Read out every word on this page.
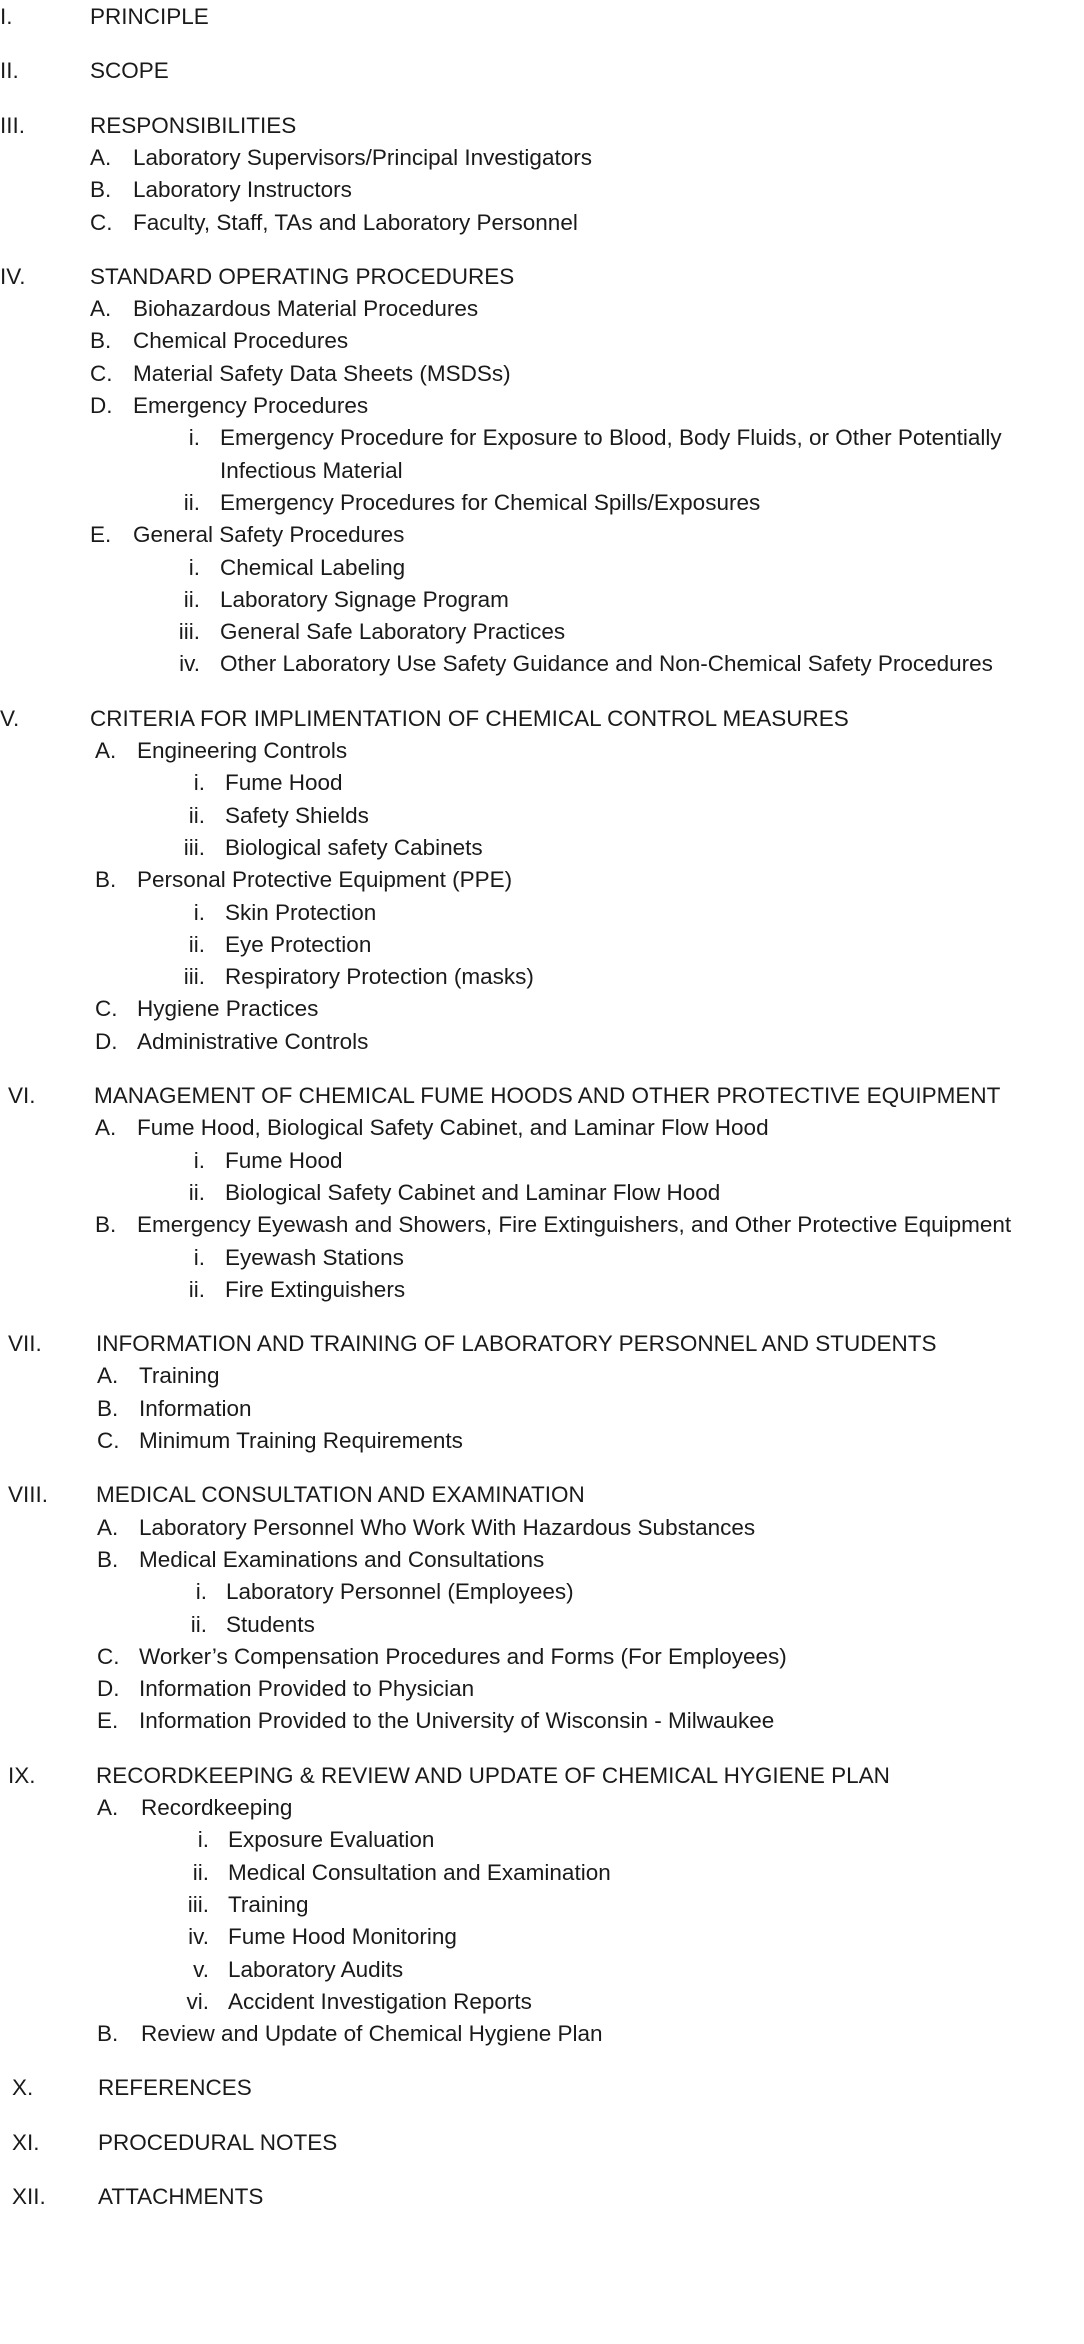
I.	PRINCIPLE
II.	SCOPE
III.	RESPONSIBILITIES
A. Laboratory Supervisors/Principal Investigators
B. Laboratory Instructors
C. Faculty, Staff, TAs and Laboratory Personnel
IV.	STANDARD OPERATING PROCEDURES
A. Biohazardous Material Procedures
B. Chemical Procedures
C. Material Safety Data Sheets (MSDSs)
D. Emergency Procedures
i. Emergency Procedure for Exposure to Blood, Body Fluids, or Other Potentially
Infectious Material
ii. Emergency Procedures for Chemical Spills/Exposures
E. General Safety Procedures
i. Chemical Labeling
ii. Laboratory Signage Program
iii. General Safe Laboratory Practices
iv. Other Laboratory Use Safety Guidance and Non-Chemical Safety Procedures
V.	CRITERIA FOR IMPLIMENTATION OF CHEMICAL CONTROL MEASURES
A. Engineering Controls
i. Fume Hood
ii. Safety Shields
iii. Biological safety Cabinets
B. Personal Protective Equipment (PPE)
i. Skin Protection
ii. Eye Protection
iii. Respiratory Protection (masks)
C. Hygiene Practices
D. Administrative Controls
VI.	MANAGEMENT OF CHEMICAL FUME HOODS AND OTHER PROTECTIVE EQUIPMENT
A. Fume Hood, Biological Safety Cabinet, and Laminar Flow Hood
i. Fume Hood
ii. Biological Safety Cabinet and Laminar Flow Hood
B. Emergency Eyewash and Showers, Fire Extinguishers, and Other Protective Equipment
i. Eyewash Stations
ii. Fire Extinguishers
VII. INFORMATION AND TRAINING OF LABORATORY PERSONNEL AND STUDENTS
A. Training
B. Information
C. Minimum Training Requirements
VIII. MEDICAL CONSULTATION AND EXAMINATION
A. Laboratory Personnel Who Work With Hazardous Substances
B. Medical Examinations and Consultations
i. Laboratory Personnel (Employees)
ii. Students
C. Worker’s Compensation Procedures and Forms (For Employees)
D. Information Provided to Physician
E. Information Provided to the University of Wisconsin - Milwaukee
IX.	RECORDKEEPING & REVIEW AND UPDATE OF CHEMICAL HYGIENE PLAN
A. Recordkeeping
i. Exposure Evaluation
ii. Medical Consultation and Examination
iii. Training
iv. Fume Hood Monitoring
v. Laboratory Audits
vi. Accident Investigation Reports
B. Review and Update of Chemical Hygiene Plan
X.	REFERENCES
XI.	PROCEDURAL NOTES
XII. ATTACHMENTS
